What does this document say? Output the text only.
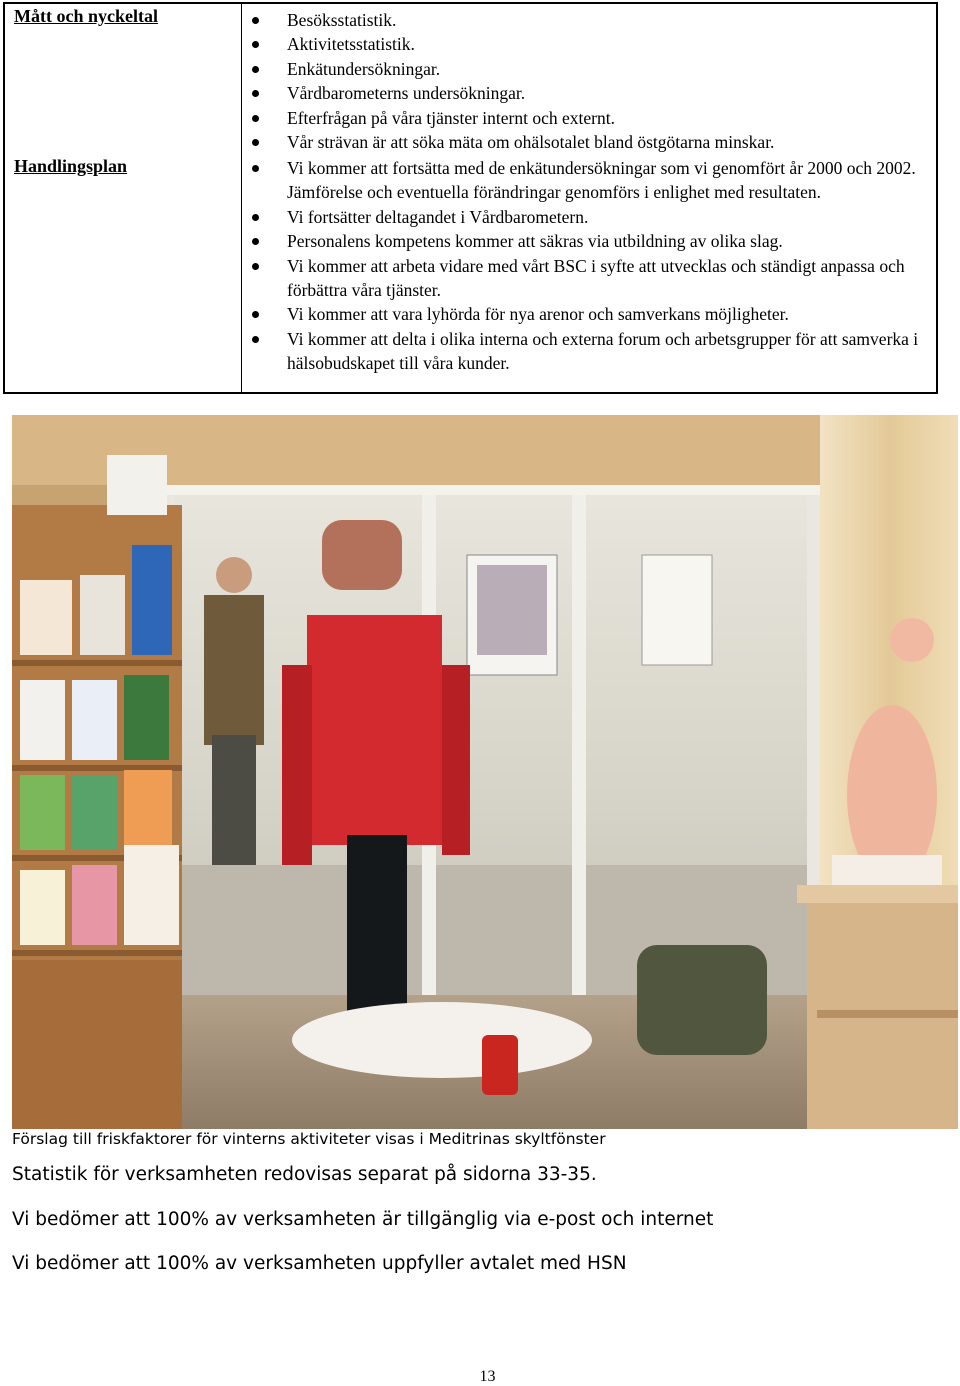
Mått och nyckeltal	Besöksstatistik.
Aktivitetsstatistik.
Enkätundersökningar.
Vårdbarometerns undersökningar.
Efterfrågan på våra tjänster internt och externt.
Vår strävan är att söka mäta om ohälsotalet bland östgötarna minskar.
Handlingsplan	Vi kommer att fortsätta med de enkätundersökningar som vi genomfört år 2000 och 2002. Jämförelse och eventuella förändringar genomförs i enlighet med resultaten.
Vi fortsätter deltagandet i Vårdbarometern.
Personalens kompetens kommer att säkras via utbildning av olika slag.
Vi kommer att arbeta vidare med vårt BSC i syfte att utvecklas och ständigt anpassa och förbättra våra tjänster.
Vi kommer att vara lyhörda för nya arenor och samverkans möjligheter.
Vi kommer att delta i olika interna och externa forum och arbetsgrupper för att samverka i hälsobudskapet till våra kunder.
Förslag till friskfaktorer för vinterns aktiviteter visas i Meditrinas skyltfönster
Statistik för verksamheten redovisas separat på sidorna 33-35.
Vi bedömer att 100% av verksamheten är tillgänglig via e-post och internet
Vi bedömer att 100% av verksamheten uppfyller avtalet med HSN
13
